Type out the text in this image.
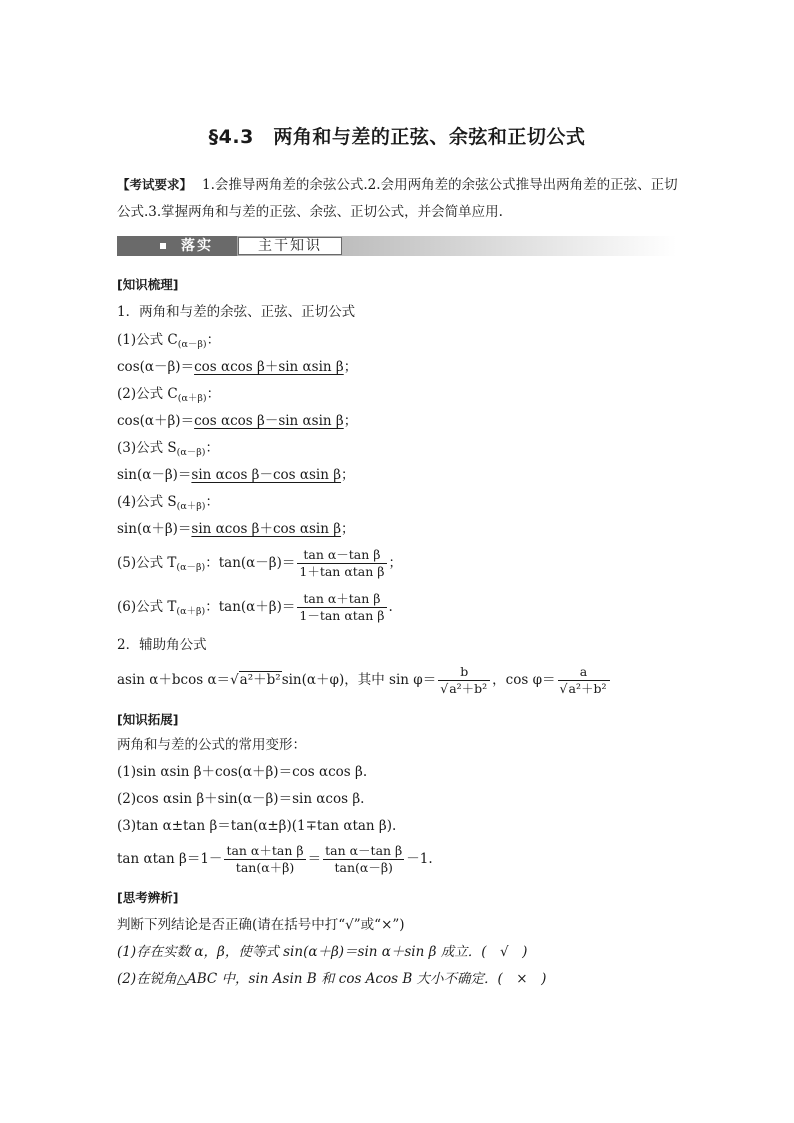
§4.3　两角和与差的正弦、余弦和正切公式
【考试要求】 1.会推导两角差的余弦公式.2.会用两角差的余弦公式推导出两角差的正弦、正切公式.3.掌握两角和与差的正弦、余弦、正切公式，并会简单应用.
落实	主干知识
[知识梳理]
1．两角和与差的余弦、正弦、正切公式
(1)公式 $C_{(\alpha-\beta)}$：
cos(α－β)＝cos αcos β＋sin αsin β；
(2)公式 $C_{(\alpha+\beta)}$：
cos(α＋β)＝cos αcos β－sin αsin β；
(3)公式 $S_{(\alpha-\beta)}$：
sin(α－β)＝sin αcos β－cos αsin β；
(4)公式 $S_{(\alpha+\beta)}$：
sin(α＋β)＝sin αcos β＋cos αsin β；
(5)公式 $T_{(\alpha-\beta)}$：$\tan(\alpha-\beta)= \frac{\text{tan α－tan β}}{\text{1＋tan αtan β}}$ ；
(6)公式 $T_{(\alpha+\beta)}$：$\tan(\alpha+\beta)= \frac{\text{tan α＋tan β}}{\text{1－tan αtan β}}$ .
2．辅助角公式
asin α＋bcos α＝√a²＋b²sin(α＋φ)，其中 $\sin \varphi= \frac{b}{\text{√a²＋b²}}$ ，$\cos \varphi= \frac{a}{\text{√a²＋b²}}$
[知识拓展]
两角和与差的公式的常用变形：
(1)sin αsin β＋cos(α＋β)＝cos αcos β.
(2)cos αsin β＋sin(α－β)＝sin αcos β.
(3)tan α±tan β＝tan(α±β)(1∓tan αtan β).
tan αtan $\beta=1- \frac{\text{tan α＋tan β}}{\tan(\alpha+\beta)} = \frac{\text{tan α－tan β}}{\tan(\alpha-\beta)} -1$.
[思考辨析]
判断下列结论是否正确(请在括号中打“√”或“×”)
(1)存在实数 α，β，使等式 sin(α＋β)＝sin α＋sin β 成立．(　√　)
(2)在锐角△ABC 中，sin Asin B 和 cos Acos B 大小不确定．(　×　)
